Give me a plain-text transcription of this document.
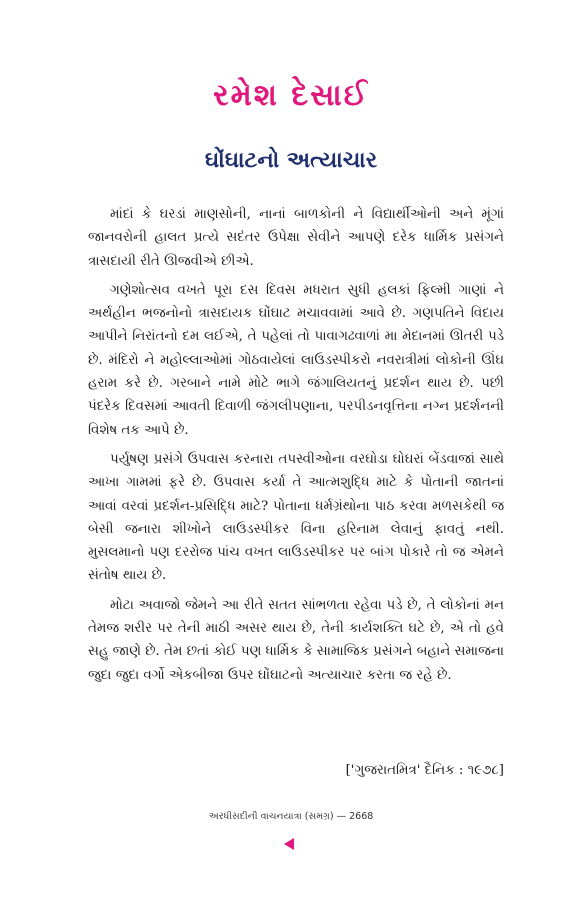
રમેશ દેસાઈ
ઘોંઘાટનો અત્યાચાર

માંદાં કે ઘરડાં માણસોની, નાનાં બાળકોની ને વિદ્યાર્થીઓની અને મૂંગાં જાનવરોની હાલત પ્રત્યે સદંતર ઉપેક્ષા સેવીને આપણે દરેક ધાર્મિક પ્રસંગને ત્રાસદાયી રીતે ઊજવીએ છીએ.

ગણેશોત્સવ વખતે પૂરા દસ દિવસ મધરાત સુધી હલકાં ફિલ્મી ગાણાં ને અર્થહીન ભજનોનો ત્રાસદાયક ઘોંઘાટ મચાવવામાં આવે છે. ગણપતિને વિદાય આપીને નિરાંતનો દમ લઈએ, તે પહેલાં તો પાવાગઢવાળાં મા મેદાનમાં ઊતરી પડે છે. મંદિરો ને મહોલ્લાઓમાં ગોઠવાયેલાં લાઉડસ્પીકરો નવરાત્રીમાં લોકોની ઊંઘ હરામ કરે છે. ગરબાને નામે મોટે ભાગે જંગાલિયતનું પ્રદર્શન થાય છે. પછી પંદરેક દિવસમાં આવતી દિવાળી જંગલીપણાના, પરપીડનવૃત્તિના નગ્ન પ્રદર્શનની વિશેષ તક આપે છે.

પર્યુષણ પ્રસંગે ઉપવાસ કરનારા તપસ્વીઓના વરઘોડા ઘોઘરાં બેંડવાજાં સાથે આખા ગામમાં ફરે છે. ઉપવાસ કર્યા તે આત્મશુદ્ધિ માટે કે પોતાની જાતનાં આવાં વરવાં પ્રદર્શન-પ્રસિદ્ધિ માટે? પોતાના ધર્મગ્રંથોના પાઠ કરવા મળસકેથી જ બેસી જનારા શીખોને લાઉડસ્પીકર વિના હરિનામ લેવાનું ફાવતું નથી. મુસલમાનો પણ દરરોજ પાંચ વખત લાઉડસ્પીકર પર બાંગ પોકારે તો જ એમને સંતોષ થાય છે.

મોટા અવાજો જેમને આ રીતે સતત સાંભળતા રહેવા પડે છે, તે લોકોનાં મન તેમજ શરીર પર તેની માઠી અસર થાય છે, તેની કાર્યશક્તિ ઘટે છે, એ તો હવે સહુ જાણે છે. તેમ છતાં કોઈ પણ ધાર્મિક કે સામાજિક પ્રસંગને બહાને સમાજના જુદા જુદા વર્ગો એકબીજા ઉપર ઘોંઘાટનો અત્યાચાર કરતા જ રહે છે.

['ગુજરાતમિત્ર' દૈનિક : ૧૯૭૮]
અરધીસદીની વાચનયાત્રા (સમગ્ર) — 2668
